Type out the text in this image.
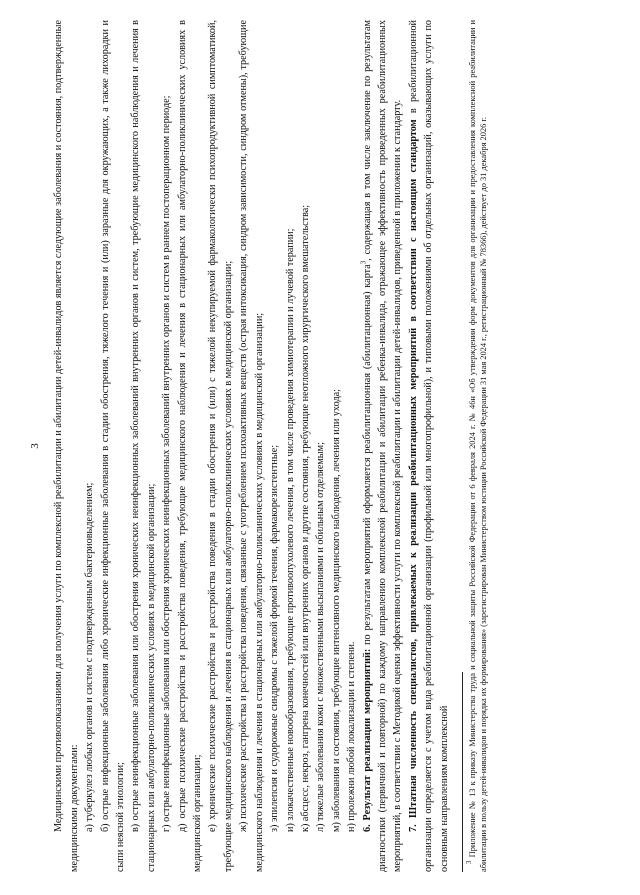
3 Медицинскими противопоказаниями для получения услуги по комплексной реабилитации и абилитации детей-инвалидов является следующие заболевания и состояния, подтвержденные медицинскими документами: а) туберкулез любых органов и систем с подтвержденным бактериовыделением; б) острые инфекционные заболевания либо хронические инфекционные заболевания в стадии обострения, тяжелого течения и (или) заразные для окружающих, а также лихорадки и сыпи неясной этиологии; в) острые неинфекционные заболевания или обострения хронических неинфекционных заболеваний внутренних органов и систем, требующие медицинского наблюдения и лечения в стационарных или амбулаторно-поликлинических условиях в медицинской организации; г) острые неинфекционные заболевания или обострения хронических неинфекционных заболеваний внутренних органов и систем в раннем постоперационном периоде; д) острые психические расстройства и расстройства поведения, требующие медицинского наблюдения и лечения в стационарных или амбулаторно-поликлинических условиях в медицинской организации; е) хронические психические расстройства и расстройства поведения в стадии обострения и (или) с тяжелой некупируемой фармакологически психопродуктивной симптоматикой, требующие медицинского наблюдения и лечения в стационарных или амбулаторно-поликлинических условиях в медицинской организации; ж) психические расстройства и расстройства поведения, связанные с употреблением психоактивных веществ (острая интоксикация, синдром зависимости, синдром отмены), требующие медицинского наблюдения и лечения в стационарных или амбулаторно-поликлинических условиях в медицинской организации; з) эпилепсия и судорожные синдромы с тяжелой формой течения, фармакорезистентные; и) злокачественные новообразования, требующие противоопухолевого лечения, в том числе проведения химиотерапии и лучевой терапии; к) абсцесс, некроз, гангрена конечностей или внутренних органов и другие состояния, требующие неотложного хирургического вмешательства; л) тяжелые заболевания кожи с множественными высыпаниями и обильным отделяемым; м) заболевания и состояния, требующие интенсивного медицинского наблюдения, лечения или ухода; н) пролежни любой локализации и степени. 6. Результат реализации мероприятий: по результатам мероприятий оформляется реабилитационная (абилитационная) карта$^3$, содержащая в том числе заключение по результатам диагностики (первичной и повторной) по каждому направлению комплексной реабилитации и абилитации ребенка-инвалида, отражающее эффективность проведенных реабилитационных мероприятий, в соответствии с Методикой оценки эффективности услуги по комплексной реабилитации и абилитации детей-инвалидов, приведенной в приложении к стандарту. 7. Штатная численность специалистов, привлекаемых к реализации реабилитационных мероприятий в соответствии с настоящим стандартом в реабилитационной организации определяется с учетом вида реабилитационной организации (профильной или многопрофильной), и типовыми положениями об отдельных организаций, оказывающих услуги по основным направлениям комплексной	$^3$ Приложение № 13 к приказу Министерства труда и социальной защиты Российской Федерации от 6 февраля 2024 г. № 46н «Об утверждении форм документов для организации и предоставления комплексной реабилитации и абилитации в пользу детей-инвалидов и порядка их формирования» (зарегистрирован Министерством юстиции Российской Федерации 31 мая 2024 г., регистрационный № 78366), действует до 31 декабря 2026 г.
